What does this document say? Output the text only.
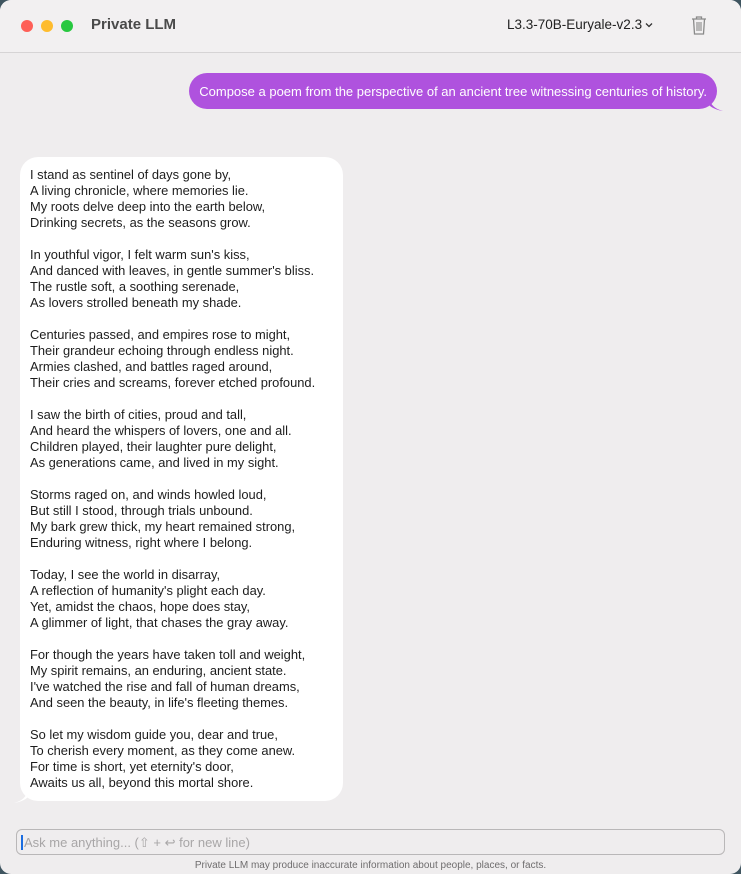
Private LLM	L3.3-70B-Euryale-v2.3
Compose a poem from the perspective of an ancient tree witnessing centuries of history.
I stand as sentinel of days gone by,
A living chronicle, where memories lie.
My roots delve deep into the earth below,
Drinking secrets, as the seasons grow.
In youthful vigor, I felt warm sun's kiss,
And danced with leaves, in gentle summer's bliss.
The rustle soft, a soothing serenade,
As lovers strolled beneath my shade.
Centuries passed, and empires rose to might,
Their grandeur echoing through endless night.
Armies clashed, and battles raged around,
Their cries and screams, forever etched profound.
I saw the birth of cities, proud and tall,
And heard the whispers of lovers, one and all.
Children played, their laughter pure delight,
As generations came, and lived in my sight.
Storms raged on, and winds howled loud,
But still I stood, through trials unbound.
My bark grew thick, my heart remained strong,
Enduring witness, right where I belong.
Today, I see the world in disarray,
A reflection of humanity's plight each day.
Yet, amidst the chaos, hope does stay,
A glimmer of light, that chases the gray away.
For though the years have taken toll and weight,
My spirit remains, an enduring, ancient state.
I've watched the rise and fall of human dreams,
And seen the beauty, in life's fleeting themes.
So let my wisdom guide you, dear and true,
To cherish every moment, as they come anew.
For time is short, yet eternity's door,
Awaits us all, beyond this mortal shore.
Ask me anything... (⇧ + ↩ for new line)
Private LLM may produce inaccurate information about people, places, or facts.
